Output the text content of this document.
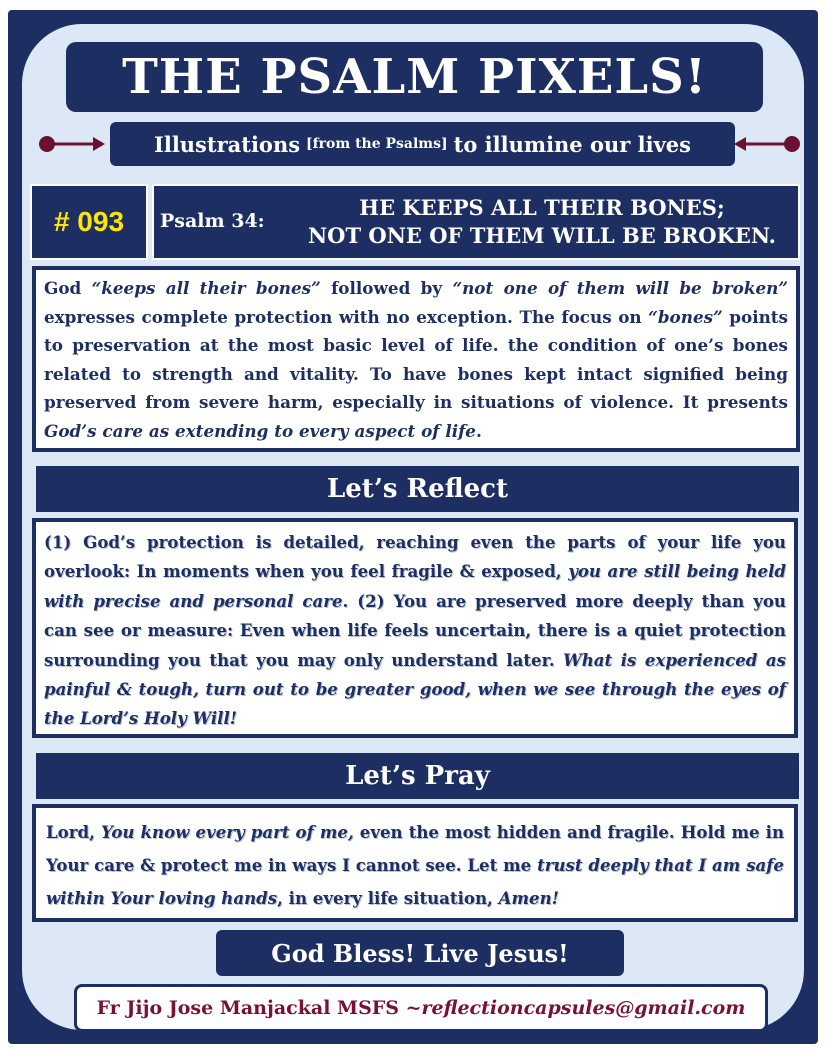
THE PSALM PIXELS!
Illustrations [from the Psalms] to illumine our lives
# 093	Psalm 34:
HE KEEPS ALL THEIR BONES;
NOT ONE OF THEM WILL BE BROKEN.
God “keeps all their bones” followed by “not one of them will be broken” expresses complete protection with no exception. The focus on “bones” points to preservation at the most basic level of life. the condition of one’s bones related to strength and vitality. To have bones kept intact signified being preserved from severe harm, especially in situations of violence. It presents God’s care as extending to every aspect of life.
Let’s Reflect
(1) God’s protection is detailed, reaching even the parts of your life you overlook: In moments when you feel fragile & exposed, you are still being held with precise and personal care. (2) You are preserved more deeply than you can see or measure: Even when life feels uncertain, there is a quiet protection surrounding you that you may only understand later. What is experienced as painful & tough, turn out to be greater good, when we see through the eyes of the Lord’s Holy Will!
Let’s Pray
Lord, You know every part of me, even the most hidden and fragile. Hold me in Your care & protect me in ways I cannot see. Let me trust deeply that I am safe within Your loving hands, in every life situation, Amen!
God Bless! Live Jesus!
Fr Jijo Jose Manjackal MSFS ~ reflectioncapsules@gmail.com
